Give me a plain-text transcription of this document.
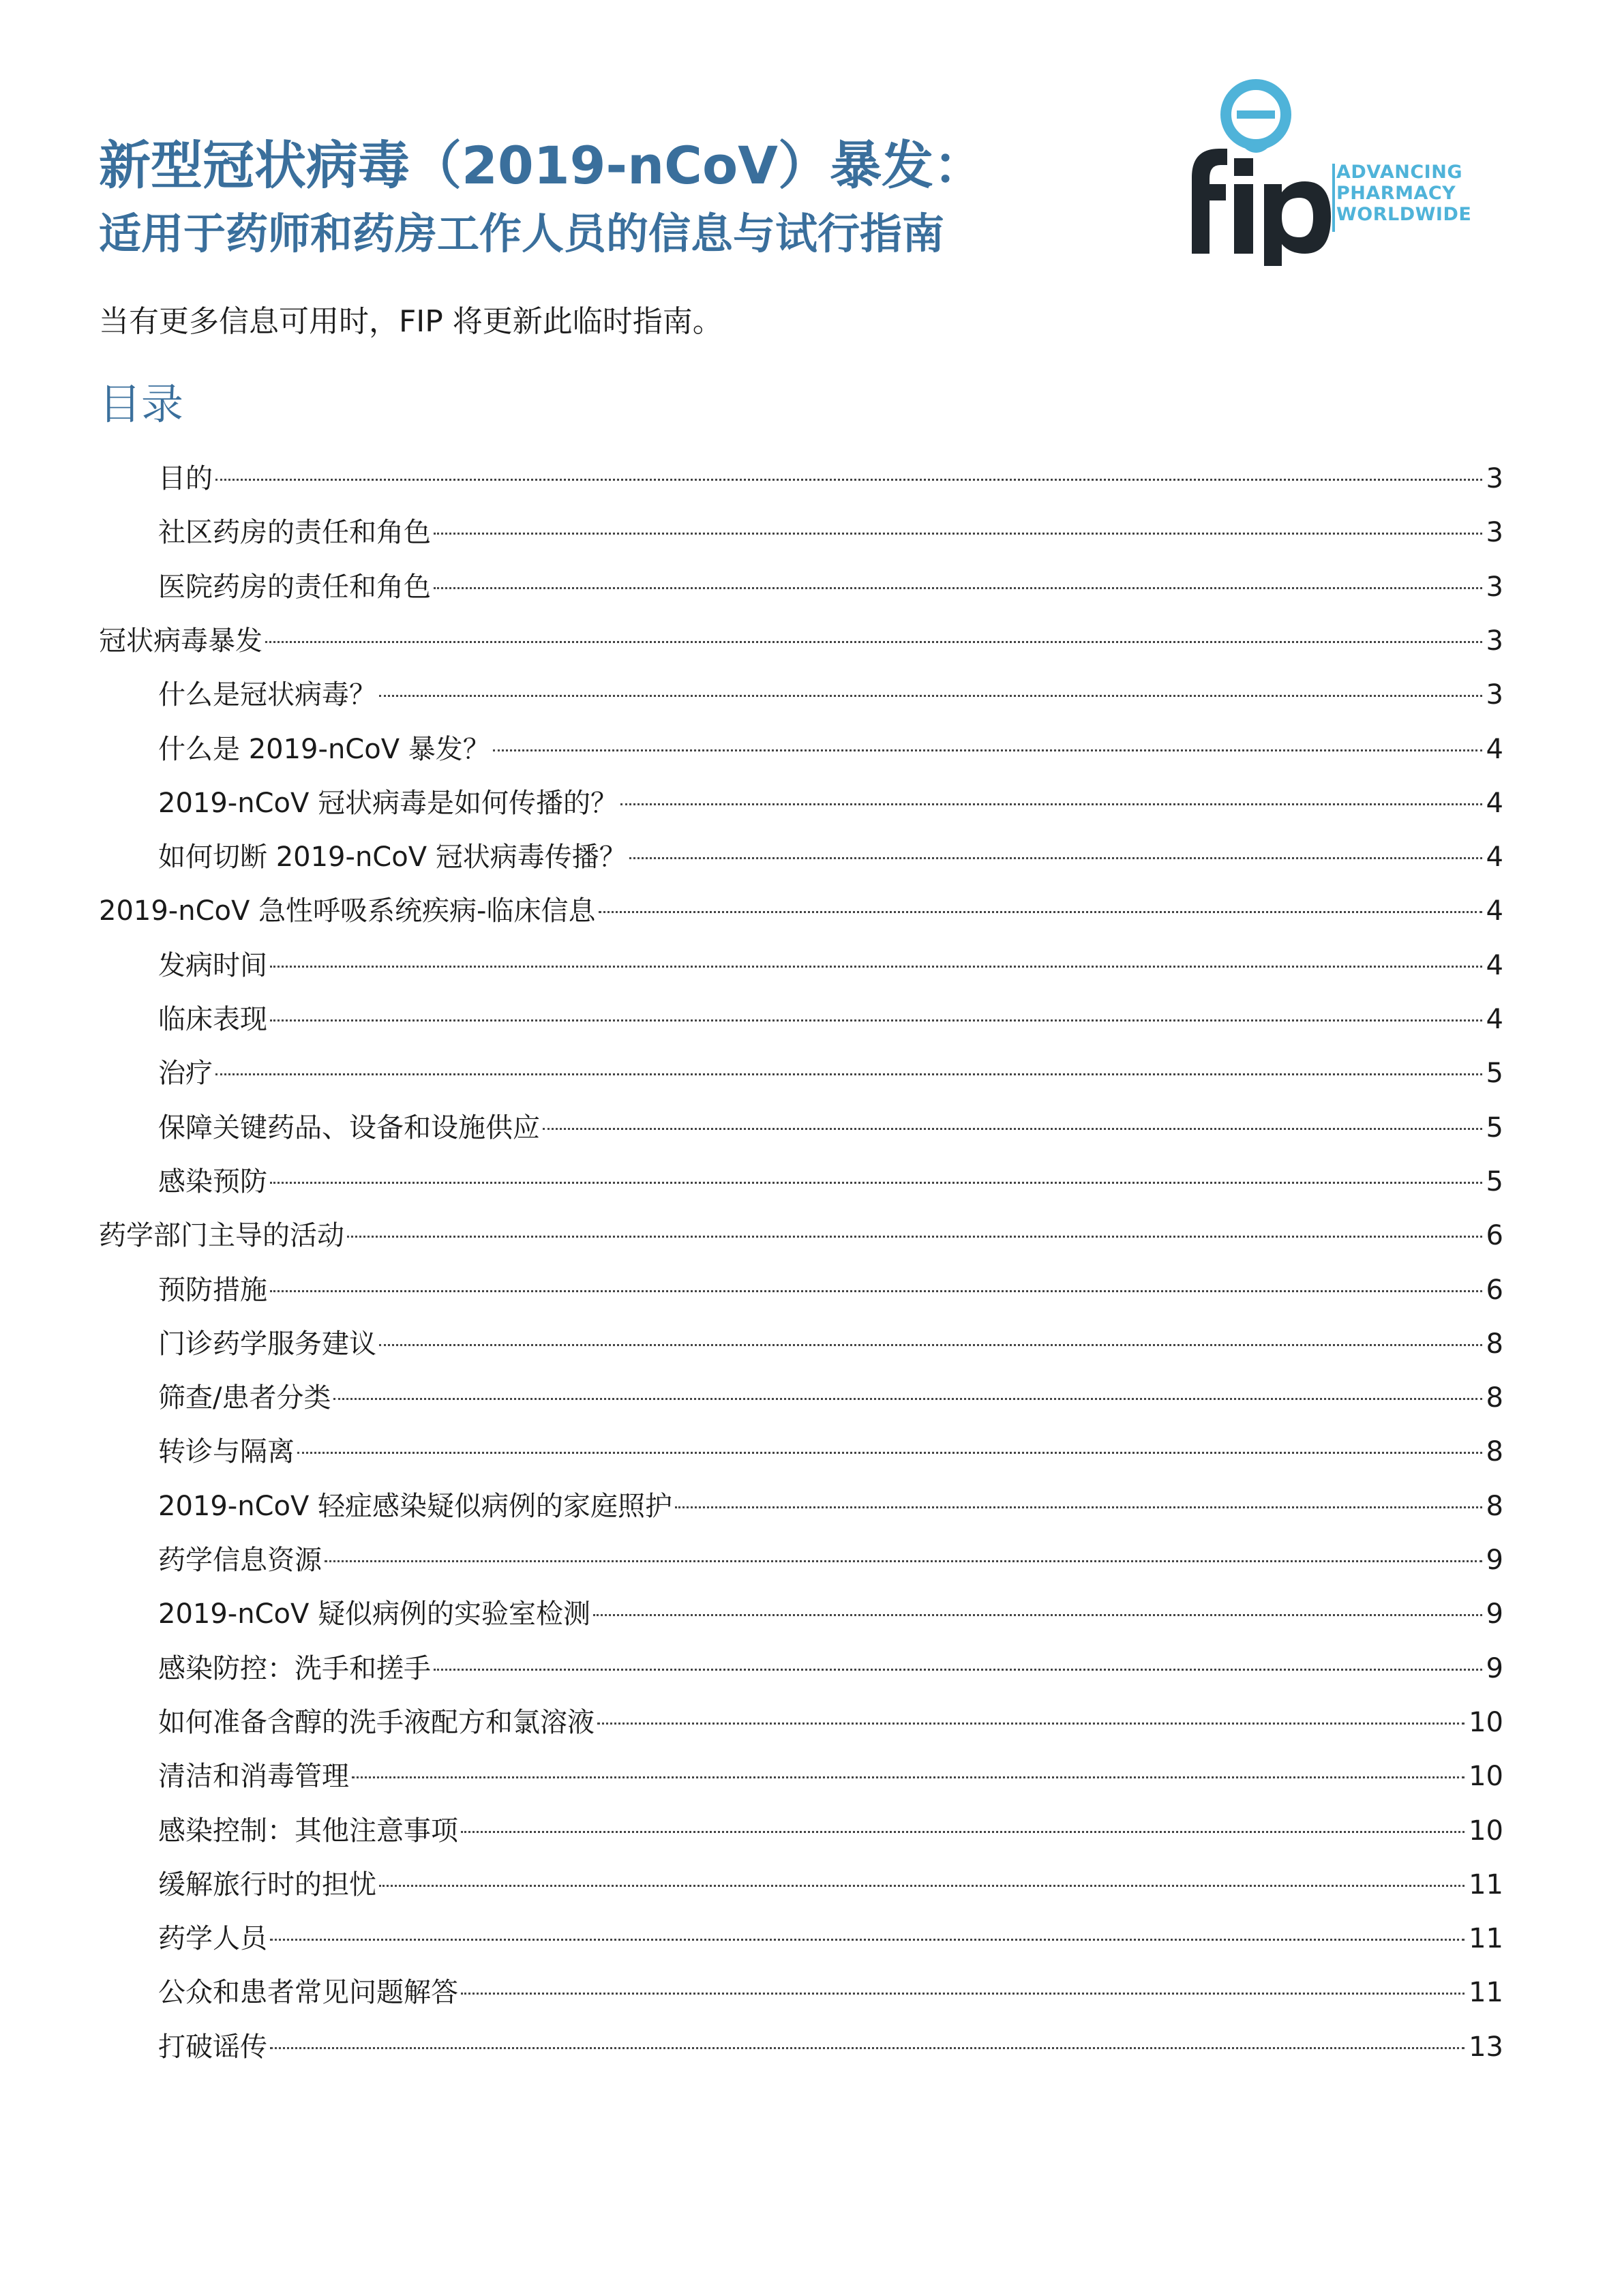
新型冠状病毒（2019-nCoV）暴发：
适用于药师和药房工作人员的信息与试行指南
ADVANCING
PHARMACY
WORLDWIDE
当有更多信息可用时，FIP 将更新此临时指南。
目录
目的	3
社区药房的责任和角色	3
医院药房的责任和角色	3
冠状病毒暴发	3
什么是冠状病毒？	3
什么是 2019-nCoV 暴发？	4
2019-nCoV 冠状病毒是如何传播的？	4
如何切断 2019-nCoV 冠状病毒传播？	4
2019-nCoV 急性呼吸系统疾病-临床信息	4
发病时间	4
临床表现	4
治疗	5
保障关键药品、设备和设施供应	5
感染预防	5
药学部门主导的活动	6
预防措施	6
门诊药学服务建议	8
筛查/患者分类	8
转诊与隔离	8
2019-nCoV 轻症感染疑似病例的家庭照护	8
药学信息资源	9
2019-nCoV 疑似病例的实验室检测	9
感染防控：洗手和搓手	9
如何准备含醇的洗手液配方和氯溶液	10
清洁和消毒管理	10
感染控制：其他注意事项	10
缓解旅行时的担忧	11
药学人员	11
公众和患者常见问题解答	11
打破谣传	13
